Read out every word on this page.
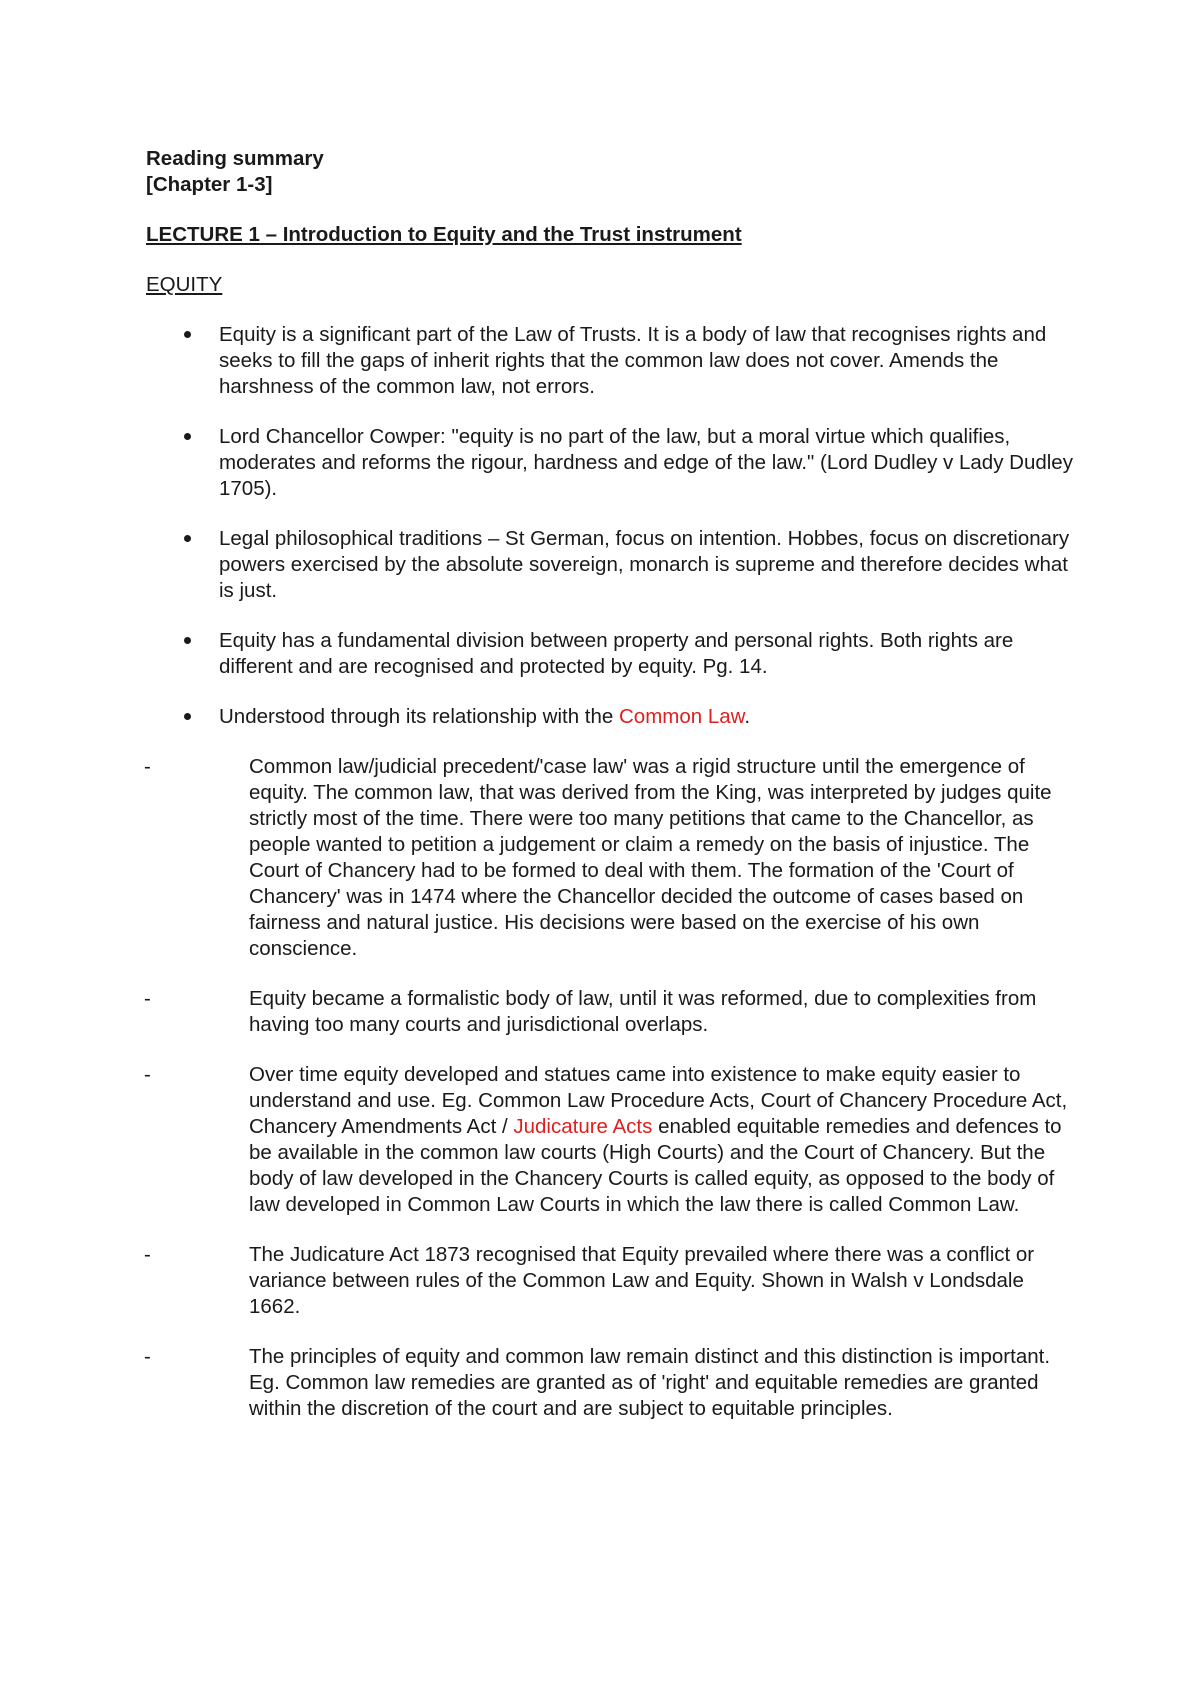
Reading summary

[Chapter 1-3]

LECTURE 1 – Introduction to Equity and the Trust instrument

EQUITY

Equity is a significant part of the Law of Trusts. It is a body of law that recognises rights and seeks to fill the gaps of inherit rights that the common law does not cover. Amends the harshness of the common law, not errors.
Lord Chancellor Cowper: "equity is no part of the law, but a moral virtue which qualifies, moderates and reforms the rigour, hardness and edge of the law." (Lord Dudley v Lady Dudley 1705).
Legal philosophical traditions – St German, focus on intention. Hobbes, focus on discretionary powers exercised by the absolute sovereign, monarch is supreme and therefore decides what is just.
Equity has a fundamental division between property and personal rights. Both rights are different and are recognised and protected by equity. Pg. 14.
Understood through its relationship with the Common Law.
-	Common law/judicial precedent/'case law' was a rigid structure until the emergence of equity. The common law, that was derived from the King, was interpreted by judges quite strictly most of the time. There were too many petitions that came to the Chancellor, as people wanted to petition a judgement or claim a remedy on the basis of injustice. The Court of Chancery had to be formed to deal with them. The formation of the 'Court of Chancery' was in 1474 where the Chancellor decided the outcome of cases based on fairness and natural justice. His decisions were based on the exercise of his own conscience.
-	Equity became a formalistic body of law, until it was reformed, due to complexities from having too many courts and jurisdictional overlaps.
-	Over time equity developed and statues came into existence to make equity easier to understand and use. Eg. Common Law Procedure Acts, Court of Chancery Procedure Act, Chancery Amendments Act / Judicature Acts enabled equitable remedies and defences to be available in the common law courts (High Courts) and the Court of Chancery. But the body of law developed in the Chancery Courts is called equity, as opposed to the body of law developed in Common Law Courts in which the law there is called Common Law.
-	The Judicature Act 1873 recognised that Equity prevailed where there was a conflict or variance between rules of the Common Law and Equity. Shown in Walsh v Londsdale 1662.
-	The principles of equity and common law remain distinct and this distinction is important. Eg. Common law remedies are granted as of 'right' and equitable remedies are granted within the discretion of the court and are subject to equitable principles.
